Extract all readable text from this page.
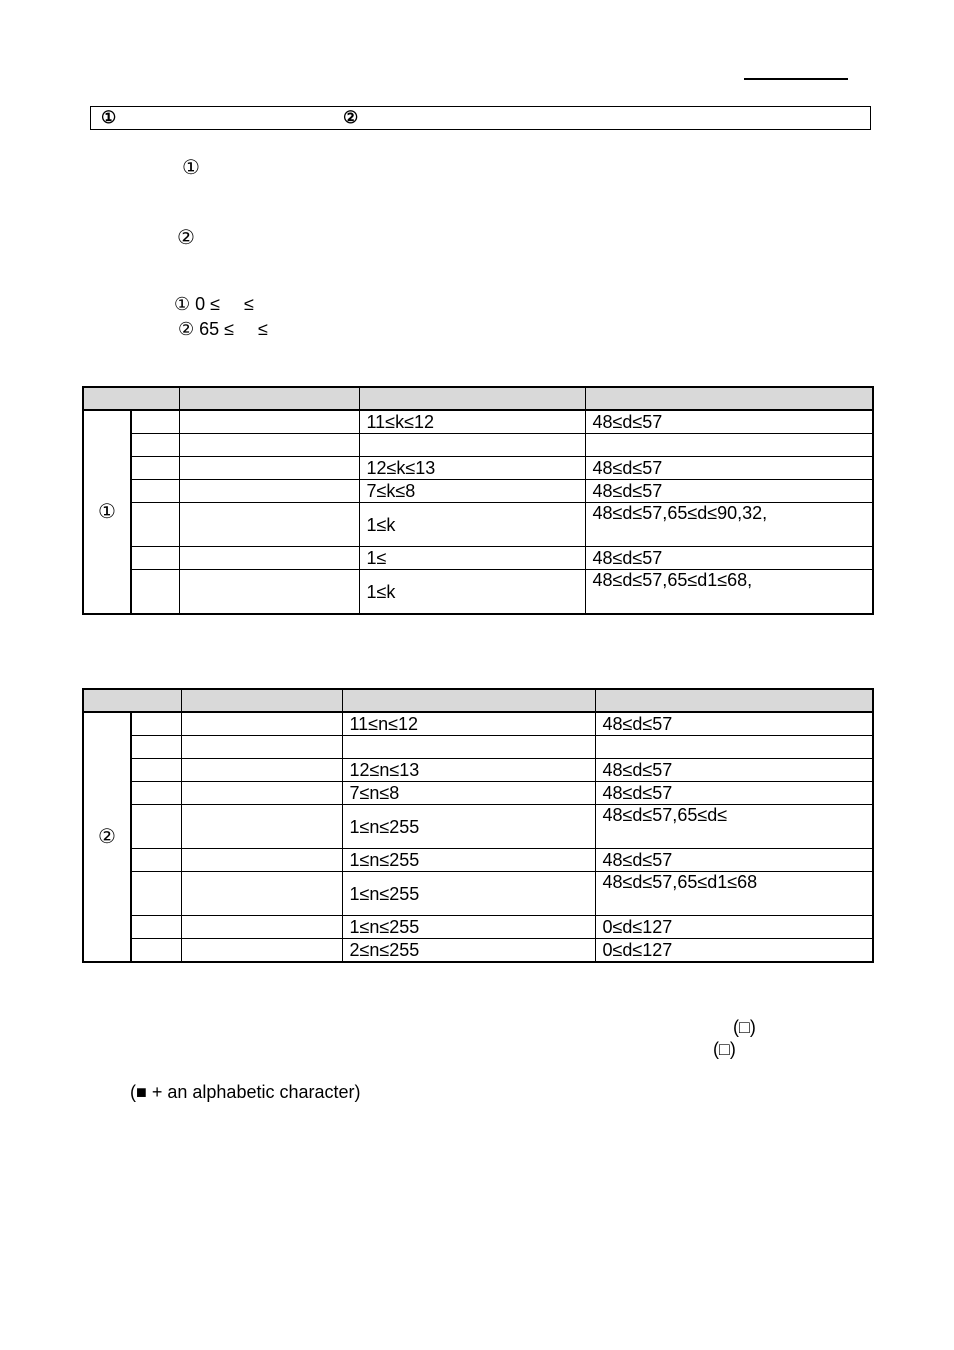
①	②
①
②
① 0 ≤ ≤
② 65 ≤ ≤

①			11≤k≤12	48≤d≤57

			12≤k≤13	48≤d≤57
			7≤k≤8	48≤d≤57
			1≤k	48≤d≤57,65≤d≤90,32,
			1≤	48≤d≤57
			1≤k	48≤d≤57,65≤d1≤68,

②			11≤n≤12	48≤d≤57

			12≤n≤13	48≤d≤57
			7≤n≤8	48≤d≤57
			1≤n≤255	48≤d≤57,65≤d≤
			1≤n≤255	48≤d≤57
			1≤n≤255	48≤d≤57,65≤d1≤68
			1≤n≤255	0≤d≤127
			2≤n≤255	0≤d≤127
(□)
(□)
(■ + an alphabetic character)
